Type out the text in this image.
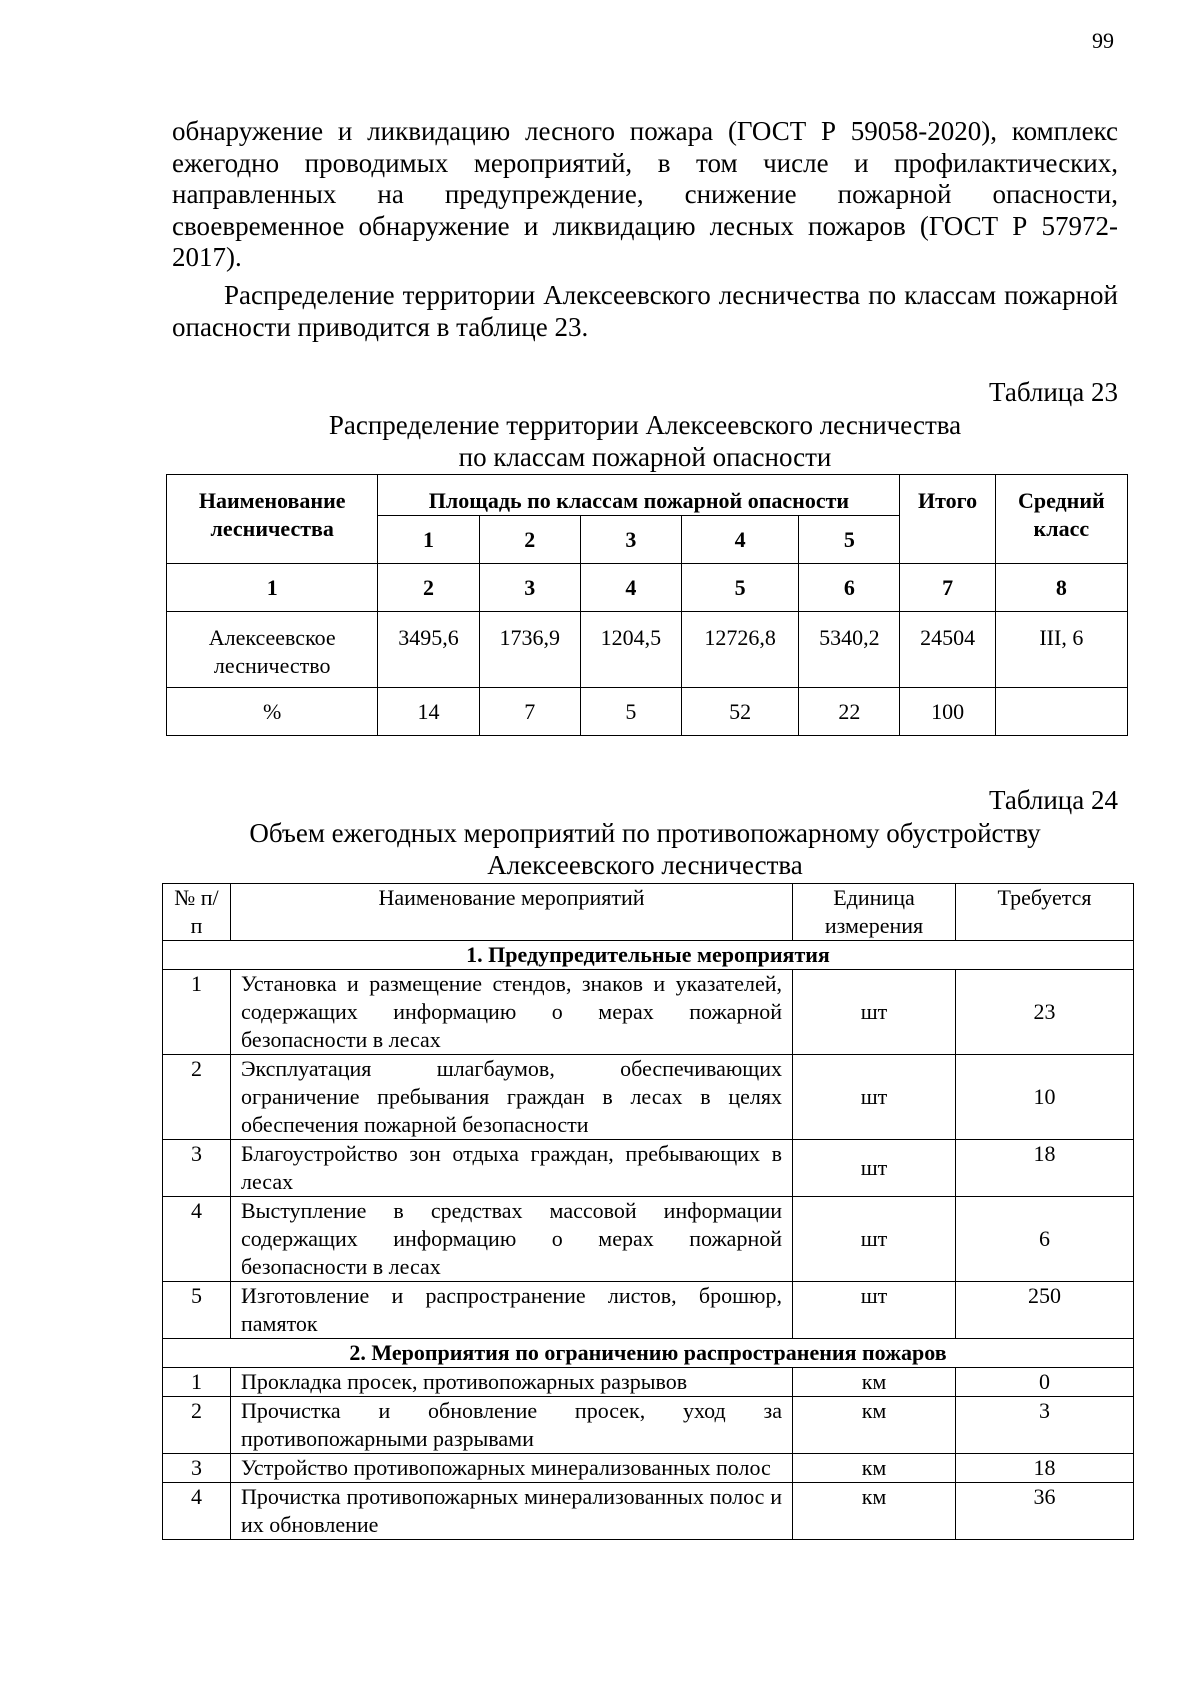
99
обнаружение и ликвидацию лесного пожара (ГОСТ Р 59058-2020), комплекс ежегодно проводимых мероприятий, в том числе и профилактических, направленных на предупреждение, снижение пожарной опасности, своевременное обнаружение и ликвидацию лесных пожаров (ГОСТ Р 57972-2017).
Распределение территории Алексеевского лесничества по классам пожарной опасности приводится в таблице 23.
Таблица 23
Распределение территории Алексеевского лесничества
по классам пожарной опасности
Наименование лесничества	Площадь по классам пожарной опасности					Итого	Средний класс
	1	2	3	4	5		
1	2	3	4	5	6	7	8
Алексеевское лесничество	3495,6	1736,9	1204,5	12726,8	5340,2	24504	III, 6
%	14	7	5	52	22	100	
Таблица 24
Объем ежегодных мероприятий по противопожарному обустройству
Алексеевского лесничества
№ п/п	Наименование мероприятий	Единица измерения	Требуется
1. Предупредительные мероприятия			
1	Установка и размещение стендов, знаков и указателей, содержащих информацию о мерах пожарной безопасности в лесах	шт	23
2	Эксплуатация шлагбаумов, обеспечивающих ограничение пребывания граждан в лесах в целях обеспечения пожарной безопасности	шт	10
3	Благоустройство зон отдыха граждан, пребывающих в лесах	шт	18
4	Выступление в средствах массовой информации содержащих информацию о мерах пожарной безопасности в лесах	шт	6
5	Изготовление и распространение листов, брошюр, памяток	шт	250
2. Мероприятия по ограничению распространения пожаров			
1	Прокладка просек, противопожарных разрывов	км	0
2	Прочистка и обновление просек, уход за противопожарными разрывами	км	3
3	Устройство противопожарных минерализованных полос	км	18
4	Прочистка противопожарных минерализованных полос и их обновление	км	36
